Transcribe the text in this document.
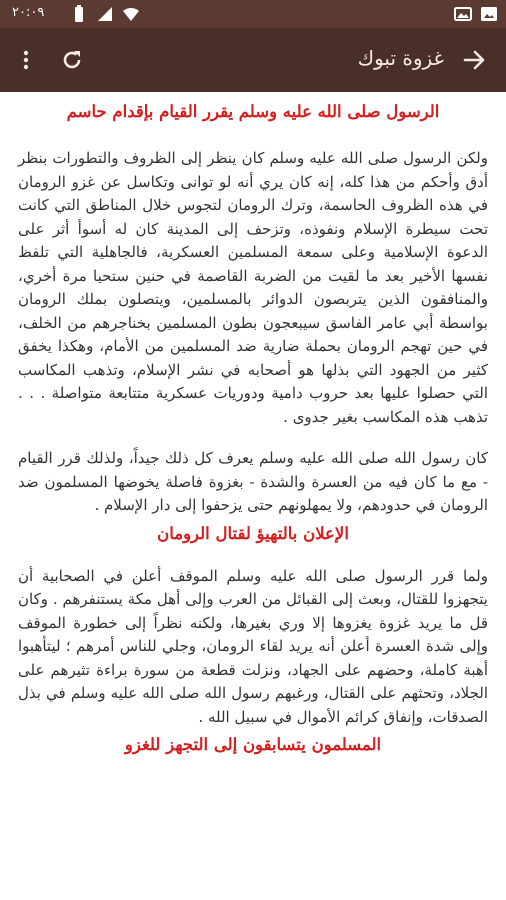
٢٠:٠٩
غزوة تبوك
الرسول صلى الله عليه وسلم يقرر القيام بإقدام حاسم

ولكن الرسول صلى الله عليه وسلم كان ينظر إلى الظروف والتطورات بنظر أدق وأحكم من هذا كله، إنه كان يري أنه لو توانى وتكاسل عن غزو الرومان في هذه الظروف الحاسمة، وترك الرومان لتجوس خلال المناطق التي كانت تحت سيطرة الإسلام ونفوذه، وتزحف إلى المدينة كان له أسوأ أثر على الدعوة الإسلامية وعلى سمعة المسلمين العسكرية، فالجاهلية التي تلفظ نفسها الأخير بعد ما لقيت من الضربة القاصمة في حنين ستحيا مرة أخري، والمنافقون الذين يتربصون الدوائر بالمسلمين، ويتصلون بملك الرومان بواسطة أبي عامر الفاسق سيبعجون بطون المسلمين بخناجرهم من الخلف، في حين تهجم الرومان بحملة ضارية ضد المسلمين من الأمام، وهكذا يخفق كثير من الجهود التي بذلها هو أصحابه في نشر الإسلام، وتذهب المكاسب التي حصلوا عليها بعد حروب دامية ودوريات عسكرية متتابعة متواصلة . . . تذهب هذه المكاسب بغير جدوى .

كان رسول الله صلى الله عليه وسلم يعرف كل ذلك جيداً، ولذلك قرر القيام - مع ما كان فيه من العسرة والشدة - بغزوة فاصلة يخوضها المسلمون ضد الرومان في حدودهم، ولا يمهلونهم حتى يزحفوا إلى دار الإسلام .

الإعلان بالتهيؤ لقتال الرومان

ولما قرر الرسول صلى الله عليه وسلم الموقف أعلن في الصحابية أن يتجهزوا للقتال، وبعث إلى القبائل من العرب وإلى أهل مكة يستنفرهم . وكان قل ما يريد غزوة يغزوها إلا وري بغيرها، ولكنه نظراً إلى خطورة الموقف وإلى شدة العسرة أعلن أنه يريد لقاء الرومان، وجلي للناس أمرهم ؛ ليتأهبوا أهبة كاملة، وحضهم على الجهاد، ونزلت قطعة من سورة براءة تثيرهم على الجلاد، وتحثهم على القتال، ورغبهم رسول الله صلى الله عليه وسلم في بذل الصدقات، وإنفاق كرائم الأموال في سبيل الله .

المسلمون يتسابقون إلى التجهز للغزو
